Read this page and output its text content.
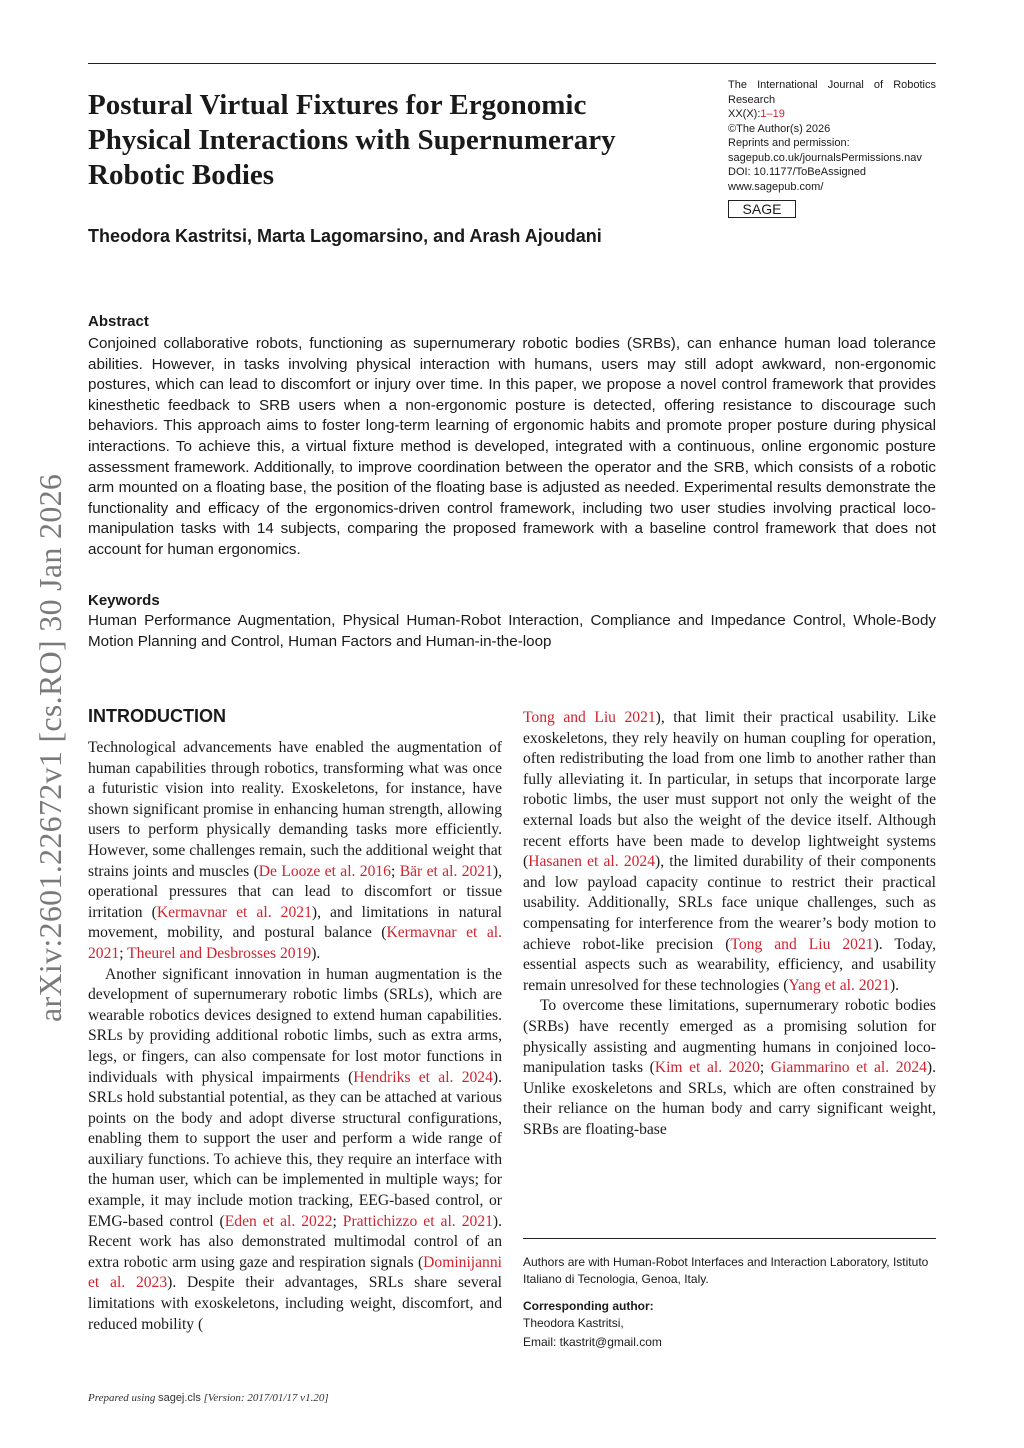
arXiv:2601.22672v1 [cs.RO] 30 Jan 2026
Postural Virtual Fixtures for Ergonomic Physical Interactions with Supernumerary Robotic Bodies
Theodora Kastritsi, Marta Lagomarsino, and Arash Ajoudani
The International Journal of Robotics
Research
XX(X):1–19
©The Author(s) 2026
Reprints and permission:
sagepub.co.uk/journalsPermissions.nav
DOI: 10.1177/ToBeAssigned
www.sagepub.com/
SAGE
Abstract

Conjoined collaborative robots, functioning as supernumerary robotic bodies (SRBs), can enhance human load tolerance abilities. However, in tasks involving physical interaction with humans, users may still adopt awkward, non-ergonomic postures, which can lead to discomfort or injury over time. In this paper, we propose a novel control framework that provides kinesthetic feedback to SRB users when a non-ergonomic posture is detected, offering resistance to discourage such behaviors. This approach aims to foster long-term learning of ergonomic habits and promote proper posture during physical interactions. To achieve this, a virtual fixture method is developed, integrated with a continuous, online ergonomic posture assessment framework. Additionally, to improve coordination between the operator and the SRB, which consists of a robotic arm mounted on a floating base, the position of the floating base is adjusted as needed. Experimental results demonstrate the functionality and efficacy of the ergonomics-driven control framework, including two user studies involving practical loco-manipulation tasks with 14 subjects, comparing the proposed framework with a baseline control framework that does not account for human ergonomics.

Keywords

Human Performance Augmentation, Physical Human-Robot Interaction, Compliance and Impedance Control, Whole-Body Motion Planning and Control, Human Factors and Human-in-the-loop

INTRODUCTION

Technological advancements have enabled the augmentation of human capabilities through robotics, transforming what was once a futuristic vision into reality. Exoskeletons, for instance, have shown significant promise in enhancing human strength, allowing users to perform physically demanding tasks more efficiently. However, some challenges remain, such the additional weight that strains joints and muscles (De Looze et al. 2016; Bär et al. 2021), operational pressures that can lead to discomfort or tissue irritation (Kermavnar et al. 2021), and limitations in natural movement, mobility, and postural balance (Kermavnar et al. 2021; Theurel and Desbrosses 2019).

Another significant innovation in human augmentation is the development of supernumerary robotic limbs (SRLs), which are wearable robotics devices designed to extend human capabilities. SRLs by providing additional robotic limbs, such as extra arms, legs, or fingers, can also compensate for lost motor functions in individuals with physical impairments (Hendriks et al. 2024). SRLs hold substantial potential, as they can be attached at various points on the body and adopt diverse structural configurations, enabling them to support the user and perform a wide range of auxiliary functions. To achieve this, they require an interface with the human user, which can be implemented in multiple ways; for example, it may include motion tracking, EEG-based control, or EMG-based control (Eden et al. 2022; Prattichizzo et al. 2021). Recent work has also demonstrated multimodal control of an extra robotic arm using gaze and respiration signals (Dominijanni et al. 2023). Despite their advantages, SRLs share several limitations with exoskeletons, including weight, discomfort, and reduced mobility (

Tong and Liu 2021), that limit their practical usability. Like exoskeletons, they rely heavily on human coupling for operation, often redistributing the load from one limb to another rather than fully alleviating it. In particular, in setups that incorporate large robotic limbs, the user must support not only the weight of the external loads but also the weight of the device itself. Although recent efforts have been made to develop lightweight systems (Hasanen et al. 2024), the limited durability of their components and low payload capacity continue to restrict their practical usability. Additionally, SRLs face unique challenges, such as compensating for interference from the wearer’s body motion to achieve robot-like precision (Tong and Liu 2021). Today, essential aspects such as wearability, efficiency, and usability remain unresolved for these technologies (Yang et al. 2021).

To overcome these limitations, supernumerary robotic bodies (SRBs) have recently emerged as a promising solution for physically assisting and augmenting humans in conjoined loco-manipulation tasks (Kim et al. 2020; Giammarino et al. 2024). Unlike exoskeletons and SRLs, which are often constrained by their reliance on the human body and carry significant weight, SRBs are floating-base

Authors are with Human-Robot Interfaces and Interaction Laboratory, Istituto Italiano di Tecnologia, Genoa, Italy.

Corresponding author:

Theodora Kastritsi,

Email: tkastrit@gmail.com

Prepared using sagej.cls [Version: 2017/01/17 v1.20]
